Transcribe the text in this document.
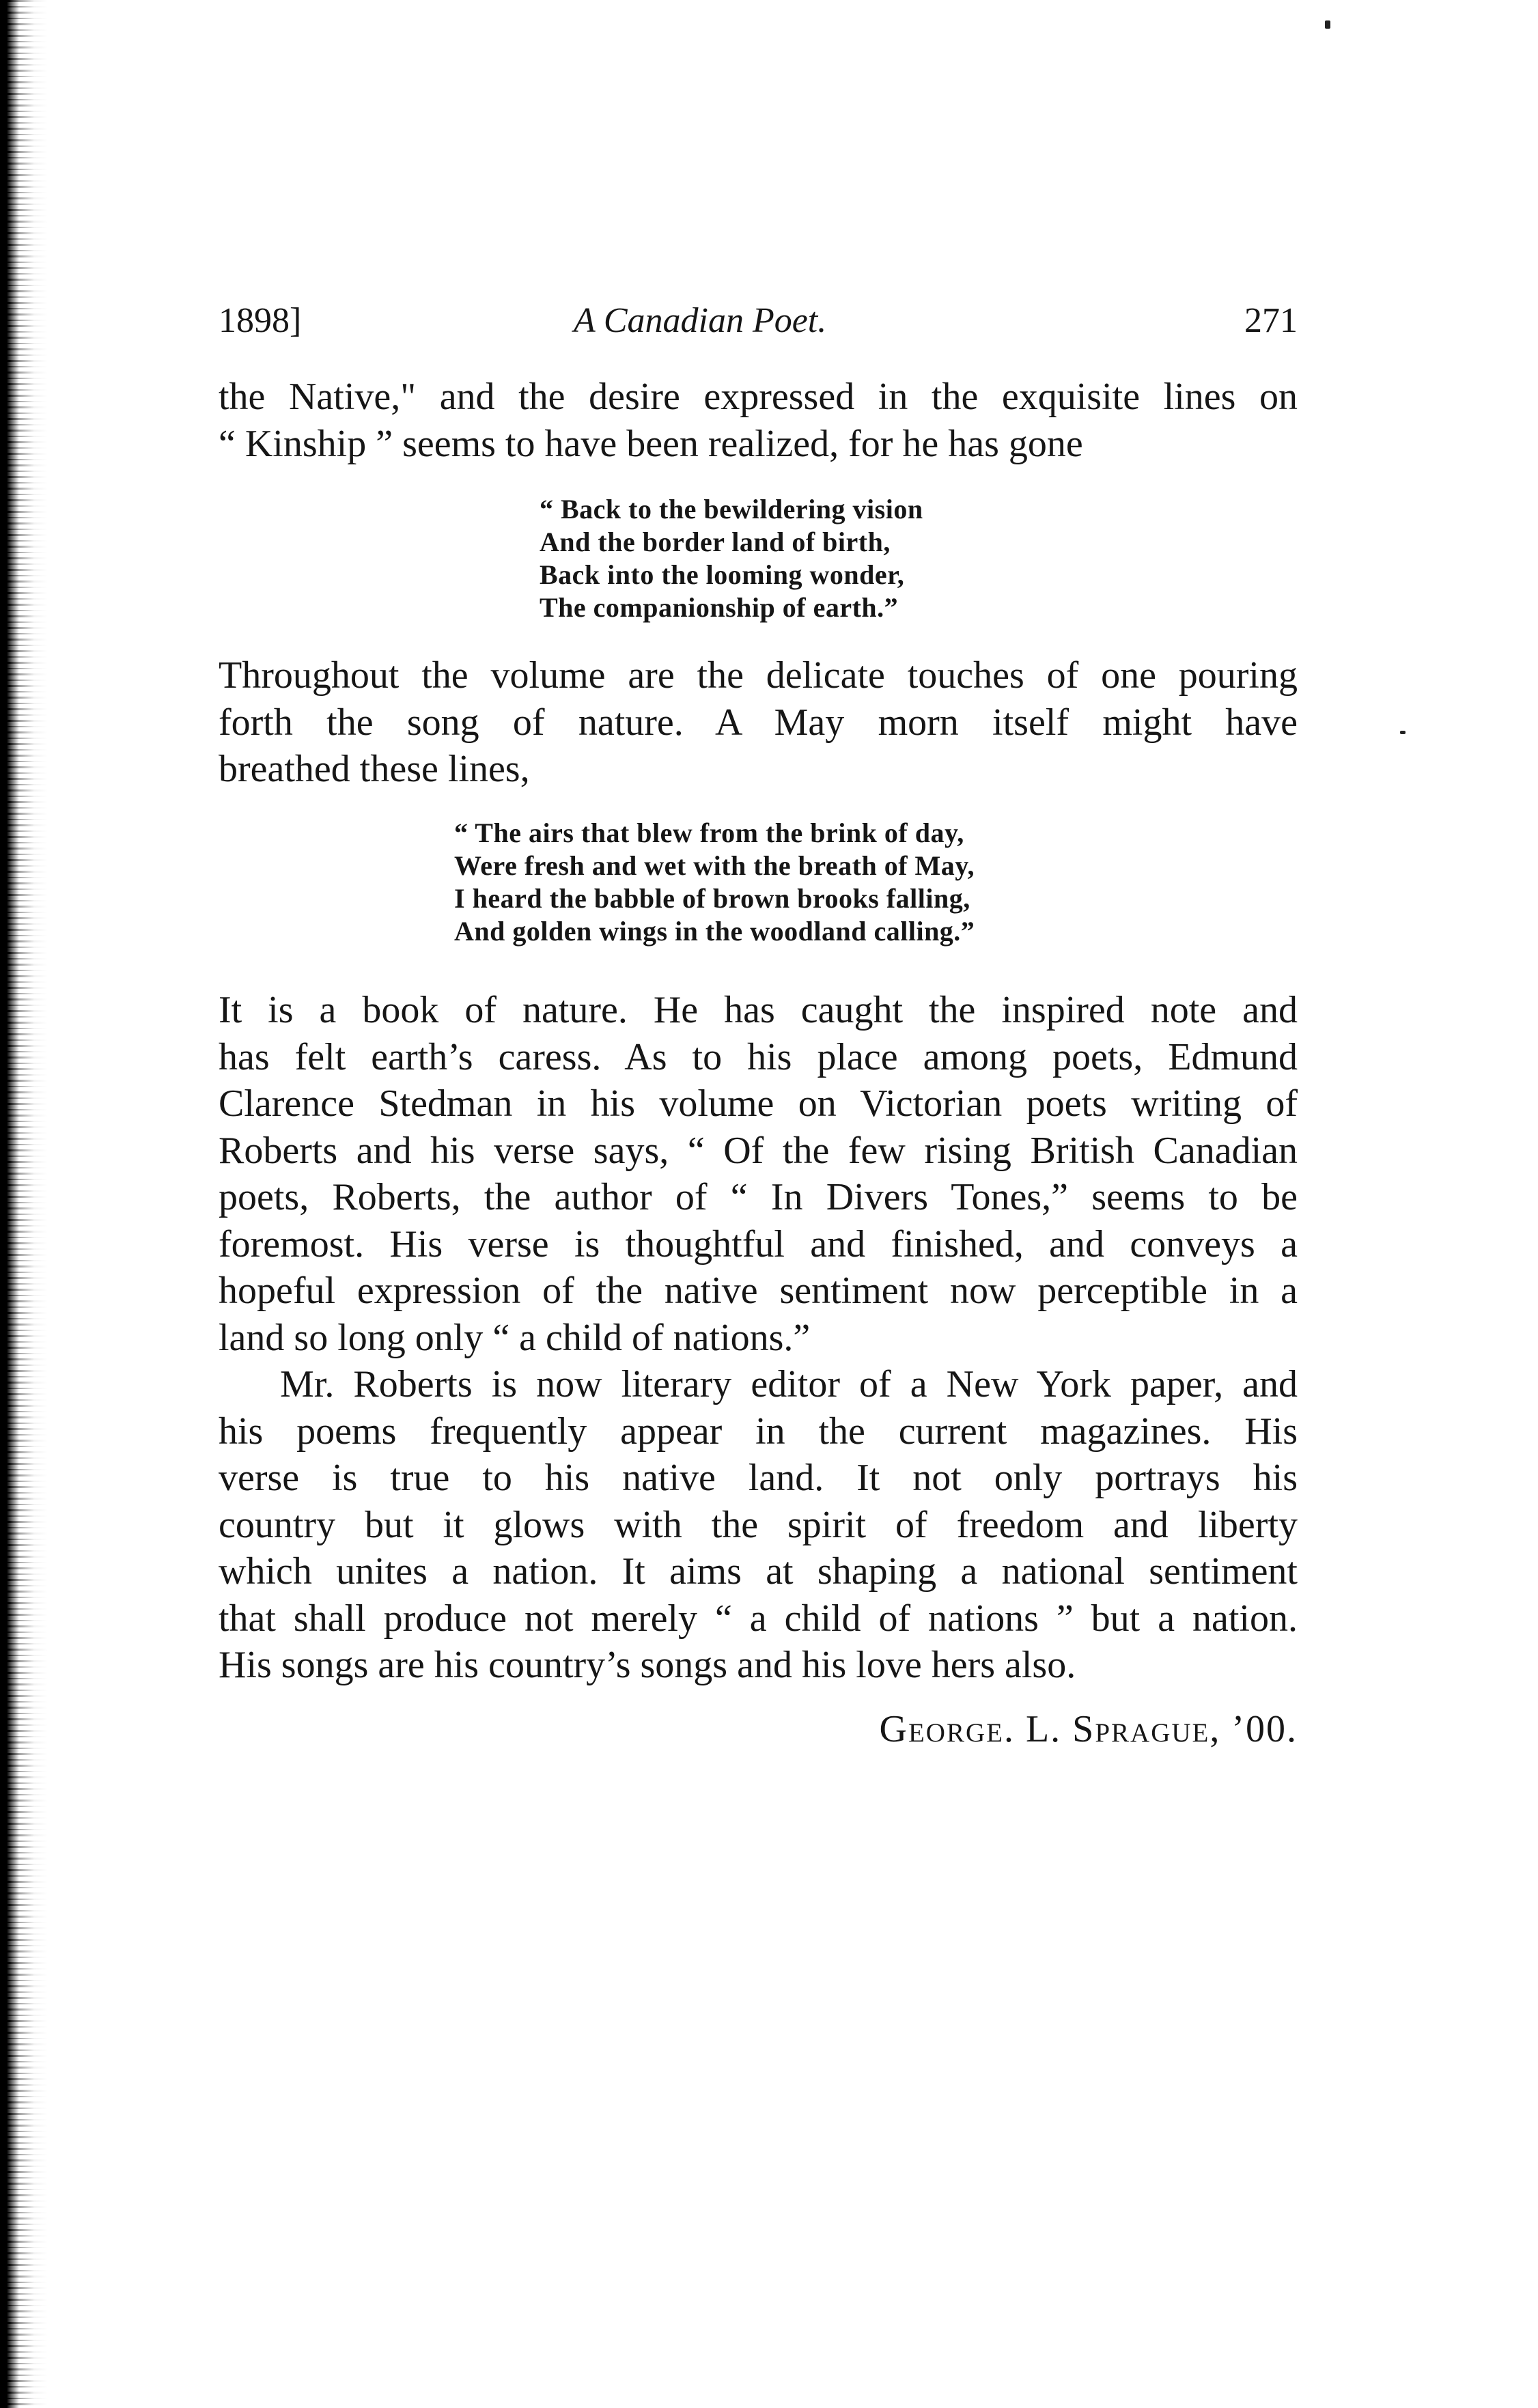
1898]	A Canadian Poet.	271
the Native," and the desire expressed in the exquisite lines on
“ Kinship ” seems to have been realized, for he has gone
“ Back to the bewildering vision
And the border land of birth,
Back into the looming wonder,
The companionship of earth.”
Throughout the volume are the delicate touches of one pouring
forth the song of nature. A May morn itself might have
breathed these lines,
“ The airs that blew from the brink of day,
Were fresh and wet with the breath of May,
I heard the babble of brown brooks falling,
And golden wings in the woodland calling.”
It is a book of nature. He has caught the inspired note and
has felt earth’s caress. As to his place among poets, Edmund
Clarence Stedman in his volume on Victorian poets writing of
Roberts and his verse says, “ Of the few rising British Canadian
poets, Roberts, the author of “ In Divers Tones,” seems to be
foremost. His verse is thoughtful and finished, and conveys a
hopeful expression of the native sentiment now perceptible in a
land so long only “ a child of nations.”
Mr. Roberts is now literary editor of a New York paper, and
his poems frequently appear in the current magazines. His
verse is true to his native land. It not only portrays his
country but it glows with the spirit of freedom and liberty
which unites a nation. It aims at shaping a national sentiment
that shall produce not merely “ a child of nations ” but a nation.
His songs are his country’s songs and his love hers also.
George. L. Sprague, ’00.
